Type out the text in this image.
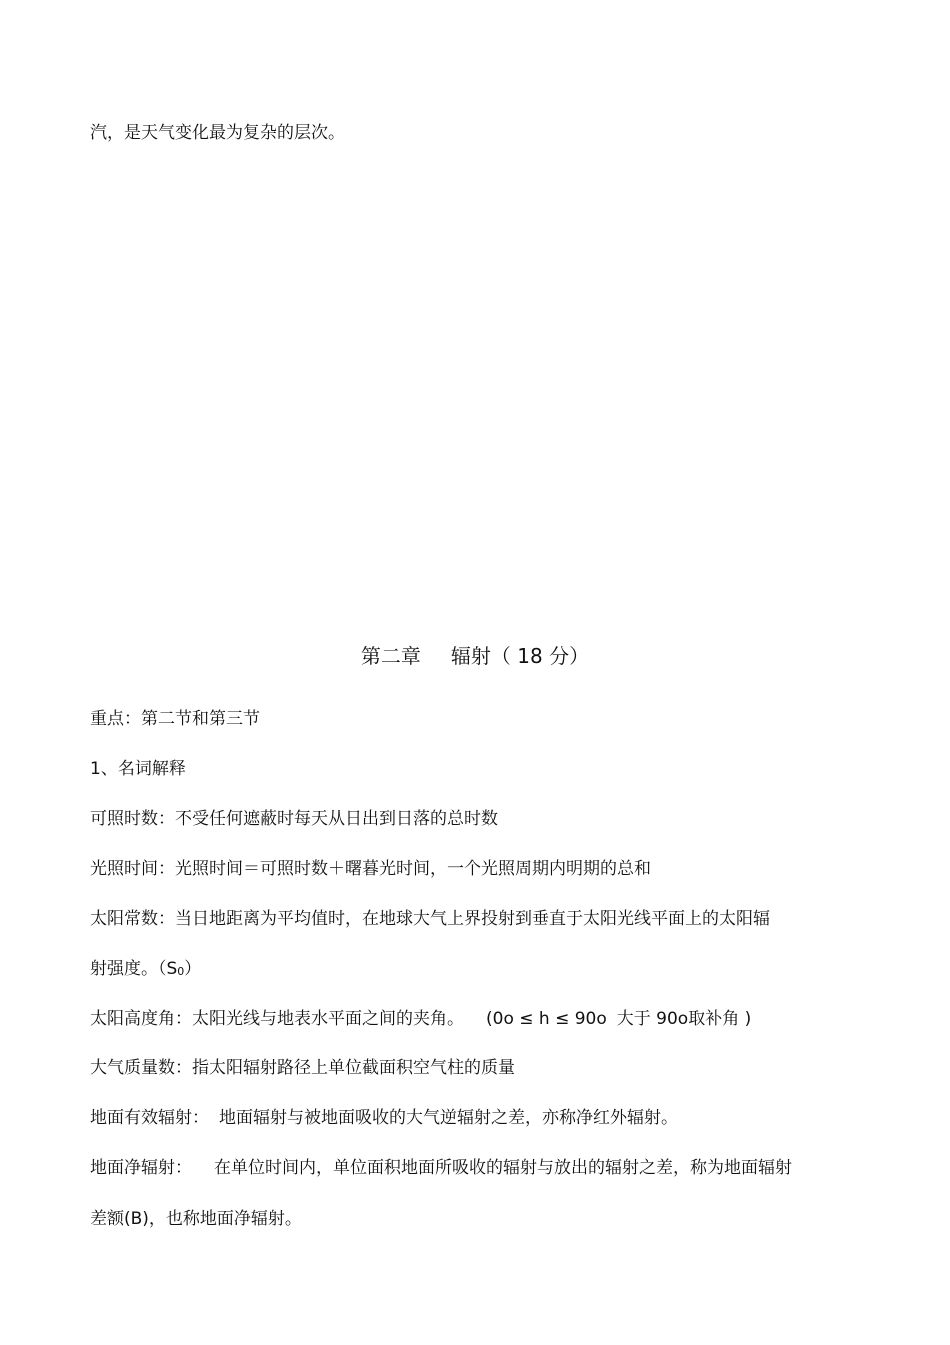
汽，是天气变化最为复杂的层次。
第二章 辐射（ 18 分）
重点：第二节和第三节
1、名词解释
可照时数：不受任何遮蔽时每天从日出到日落的总时数
光照时间：光照时间＝可照时数＋曙暮光时间，一个光照周期内明期的总和
太阳常数：当日地距离为平均值时，在地球大气上界投射到垂直于太阳光线平面上的太阳辐
射强度。$(S_0)$
太阳高度角：太阳光线与地表水平面之间的夹角。 (0o ≤ h ≤ 90o 大于 90o取补角 )
大气质量数：指太阳辐射路径上单位截面积空气柱的质量
地面有效辐射： 地面辐射与被地面吸收的大气逆辐射之差，亦称净红外辐射。
地面净辐射： 在单位时间内，单位面积地面所吸收的辐射与放出的辐射之差，称为地面辐射
差额(B)，也称地面净辐射。
